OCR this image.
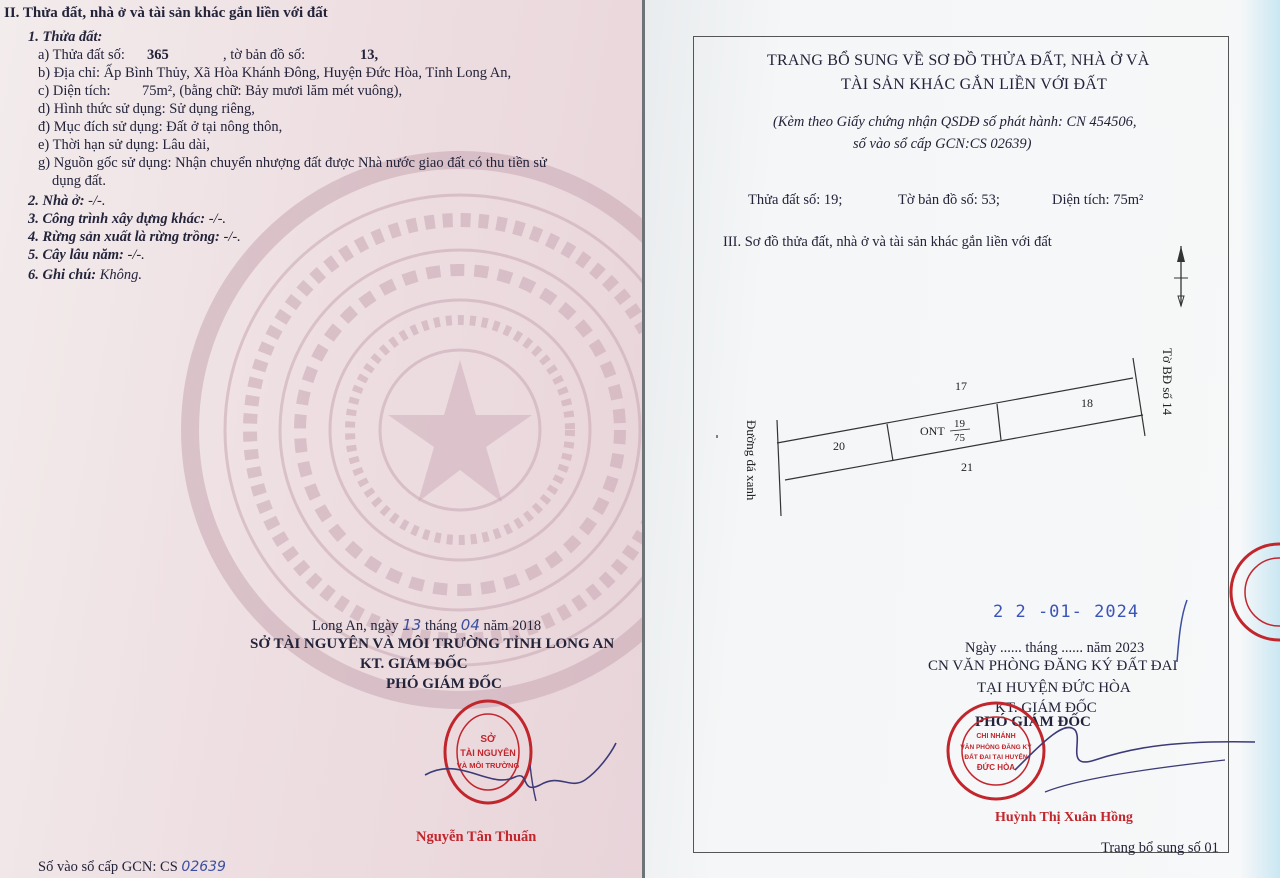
II. Thửa đất, nhà ở và tài sản khác gắn liền với đất
1. Thửa đất:
a) Thửa đất số: 365	, tờ bản đồ số:	13,
b) Địa chỉ: Ấp Bình Thủy, Xã Hòa Khánh Đông, Huyện Đức Hòa, Tỉnh Long An,
c) Diện tích: 75m², (bằng chữ: Bảy mươi lăm mét vuông),
d) Hình thức sử dụng: Sử dụng riêng,
đ) Mục đích sử dụng: Đất ở tại nông thôn,
e) Thời hạn sử dụng: Lâu dài,
g) Nguồn gốc sử dụng: Nhận chuyển nhượng đất được Nhà nước giao đất có thu tiền sử
dụng đất.
2. Nhà ở: -/-.
3. Công trình xây dựng khác: -/-.
4. Rừng sản xuất là rừng trồng: -/-.
5. Cây lâu năm: -/-.
6. Ghi chú: Không.
Long An, ngày 13 tháng 04 năm 2018
SỞ TÀI NGUYÊN VÀ MÔI TRƯỜNG TỈNH LONG AN
KT. GIÁM ĐỐC
PHÓ GIÁM ĐỐC
SỞ
TÀI NGUYÊN
VÀ MÔI TRƯỜNG
Nguyễn Tân Thuấn
Số vào sổ cấp GCN: CS 02639
TRANG BỔ SUNG VỀ SƠ ĐỒ THỬA ĐẤT, NHÀ Ở VÀ
TÀI SẢN KHÁC GẮN LIỀN VỚI ĐẤT
(Kèm theo Giấy chứng nhận QSDĐ số phát hành: CN 454506,
số vào sổ cấp GCN:CS 02639)
Thửa đất số: 19;	Tờ bản đồ số: 53;	Diện tích: 75m²
III. Sơ đồ thửa đất, nhà ở và tài sản khác gắn liền với đất
20
17
18
21
ONT 19
75
Đường đá xanh
Tờ BĐ số 14
2 2 -01- 2024
Ngày ...... tháng ...... năm 2023
CN VĂN PHÒNG ĐĂNG KÝ ĐẤT ĐAI
TẠI HUYỆN ĐỨC HÒA
KT. GIÁM ĐỐC
PHÓ GIÁM ĐỐC
CHI NHÁNH
VĂN PHÒNG ĐĂNG KÝ
ĐẤT ĐAI TẠI HUYỆN
ĐỨC HÒA
Huỳnh Thị Xuân Hồng
Trang bổ sung số 01
